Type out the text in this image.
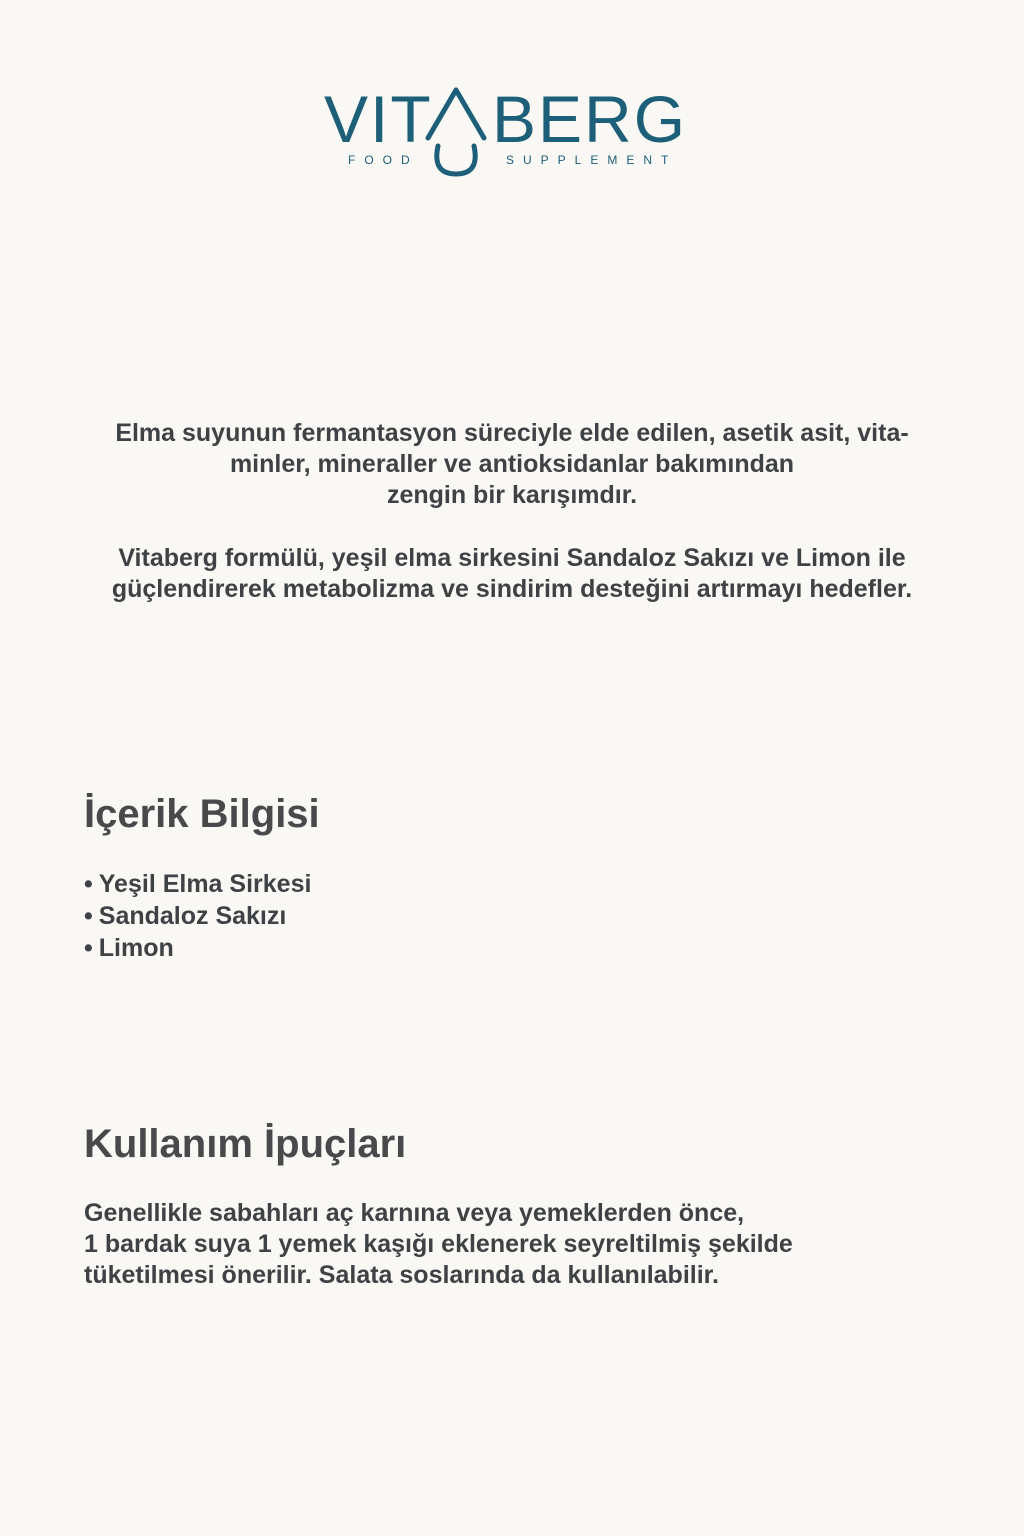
VIT BERG
FOOD	SUPPLEMENT

Elma suyunun fermantasyon süreciyle elde edilen, asetik asit, vita-
minler, mineraller ve antioksidanlar bakımından
zengin bir karışımdır.

Vitaberg formülü, yeşil elma sirkesini Sandaloz Sakızı ve Limon ile
güçlendirerek metabolizma ve sindirim desteğini artırmayı hedefler.

İçerik Bilgisi
• Yeşil Elma Sirkesi
• Sandaloz Sakızı
• Limon
Kullanım İpuçları

Genellikle sabahları aç karnına veya yemeklerden önce,
1 bardak suya 1 yemek kaşığı eklenerek seyreltilmiş şekilde
tüketilmesi önerilir. Salata soslarında da kullanılabilir.
